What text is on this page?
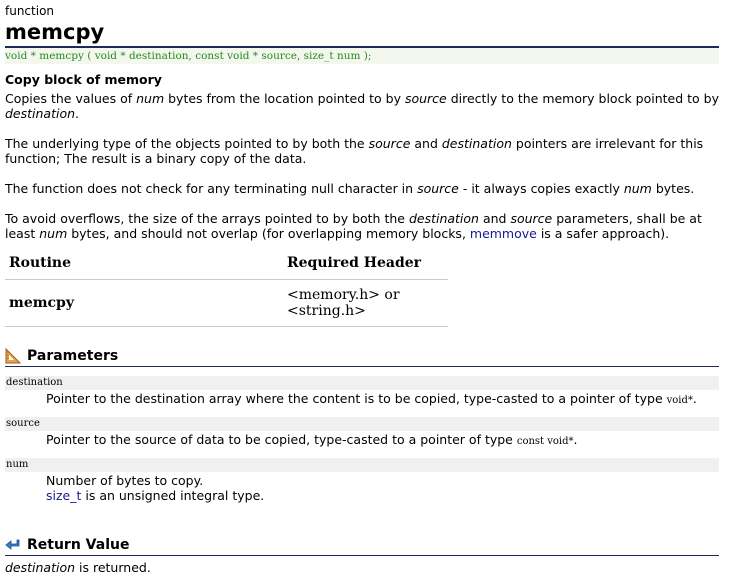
function
memcpy
void * memcpy ( void * destination, const void * source, size_t num );
Copy block of memory

Copies the values of num bytes from the location pointed to by source directly to the memory block pointed to by destination.

The underlying type of the objects pointed to by both the source and destination pointers are irrelevant for this function; The result is a binary copy of the data.

The function does not check for any terminating null character in source - it always copies exactly num bytes.

To avoid overflows, the size of the arrays pointed to by both the destination and source parameters, shall be at least num bytes, and should not overlap (for overlapping memory blocks, memmove is a safer approach).

Routine	Required Header
memcpy	<memory.h> or <string.h>
Parameters
destination
Pointer to the destination array where the content is to be copied, type-casted to a pointer of type void*.
source
Pointer to the source of data to be copied, type-casted to a pointer of type const void*.
num
Number of bytes to copy.
size_t is an unsigned integral type.
Return Value
destination is returned.
